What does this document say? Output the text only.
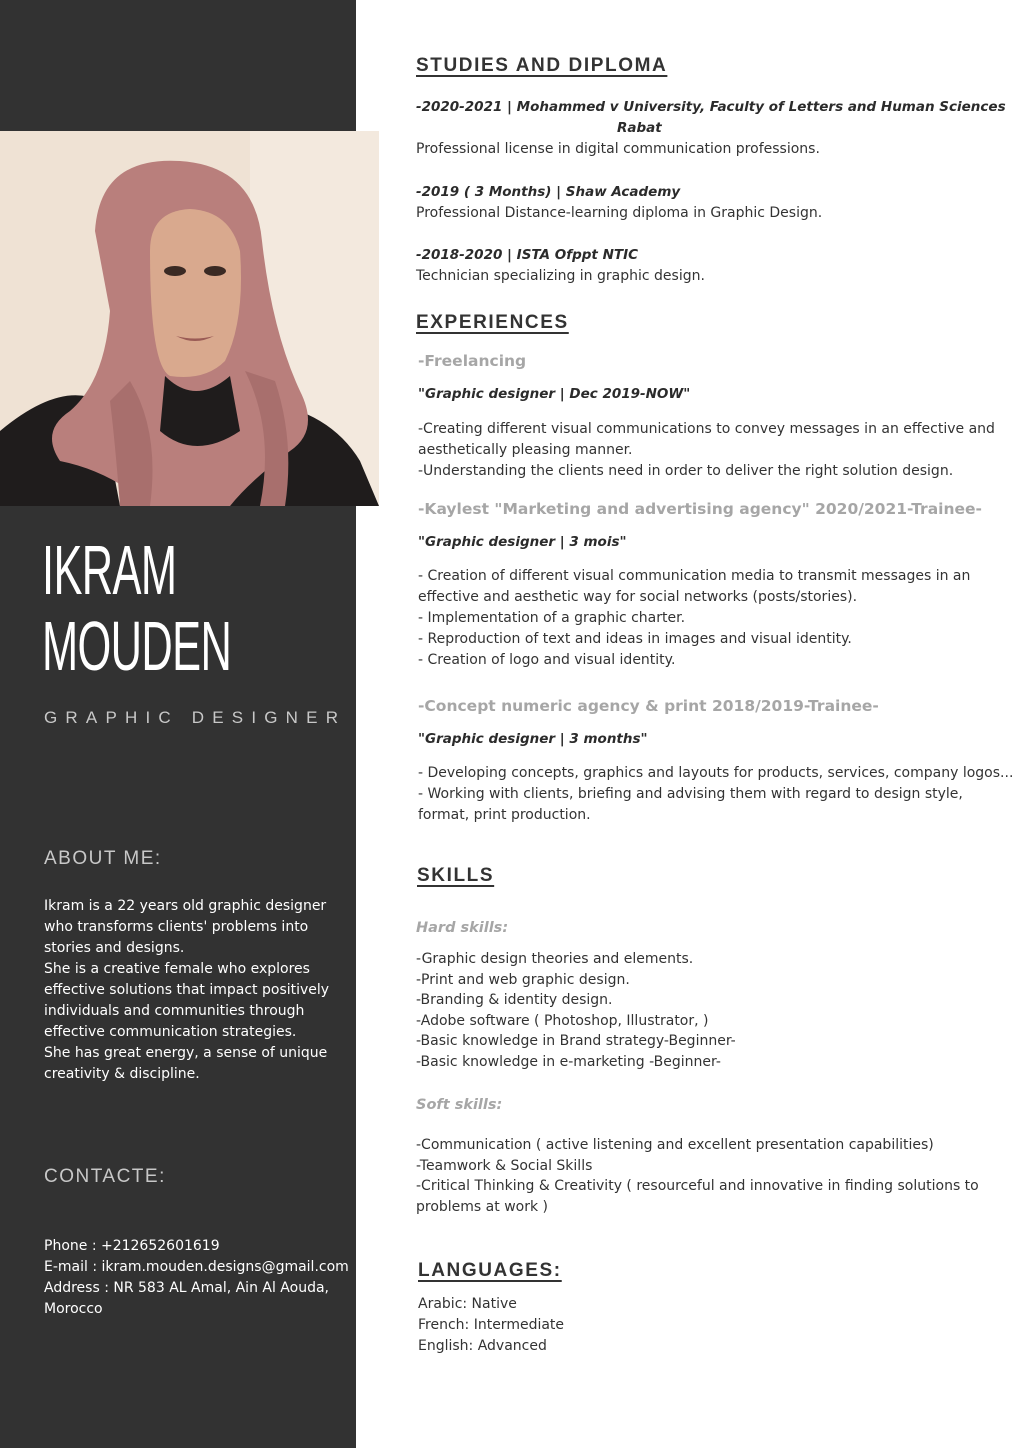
IKRAM
MOUDEN
GRAPHIC DESIGNER
ABOUT ME:
Ikram is a 22 years old graphic designer
who transforms clients' problems into
stories and designs.
She is a creative female who explores
effective solutions that impact positively
individuals and communities through
effective communication strategies.
She has great energy, a sense of unique
creativity & discipline.
CONTACTE:
Phone : +212652601619
E-mail : ikram.mouden.designs@gmail.com
Address : NR 583 AL Amal, Ain Al Aouda,
Morocco
STUDIES AND DIPLOMA
-2020-2021 | Mohammed v University, Faculty of Letters and Human Sciences
Rabat
Professional license in digital communication professions.
-2019 ( 3 Months) | Shaw Academy
Professional Distance-learning diploma in Graphic Design.
-2018-2020 | ISTA Ofppt NTIC
Technician specializing in graphic design.
EXPERIENCES
-Freelancing
"Graphic designer | Dec 2019-NOW"
-Creating different visual communications to convey messages in an effective and
aesthetically pleasing manner.
-Understanding the clients need in order to deliver the right solution design.
-Kaylest "Marketing and advertising agency" 2020/2021-Trainee-
"Graphic designer | 3 mois"
- Creation of different visual communication media to transmit messages in an
effective and aesthetic way for social networks (posts/stories).
- Implementation of a graphic charter.
- Reproduction of text and ideas in images and visual identity.
- Creation of logo and visual identity.
-Concept numeric agency & print 2018/2019-Trainee-
"Graphic designer | 3 months"
- Developing concepts, graphics and layouts for products, services, company logos...
- Working with clients, briefing and advising them with regard to design style,
format, print production.
SKILLS
Hard skills:
-Graphic design theories and elements.
-Print and web graphic design.
-Branding & identity design.
-Adobe software ( Photoshop, Illustrator, )
-Basic knowledge in Brand strategy-Beginner-
-Basic knowledge in e-marketing -Beginner-
Soft skills:
-Communication ( active listening and excellent presentation capabilities)
-Teamwork & Social Skills
-Critical Thinking & Creativity ( resourceful and innovative in finding solutions to
problems at work )
LANGUAGES:
Arabic: Native
French: Intermediate
English: Advanced
